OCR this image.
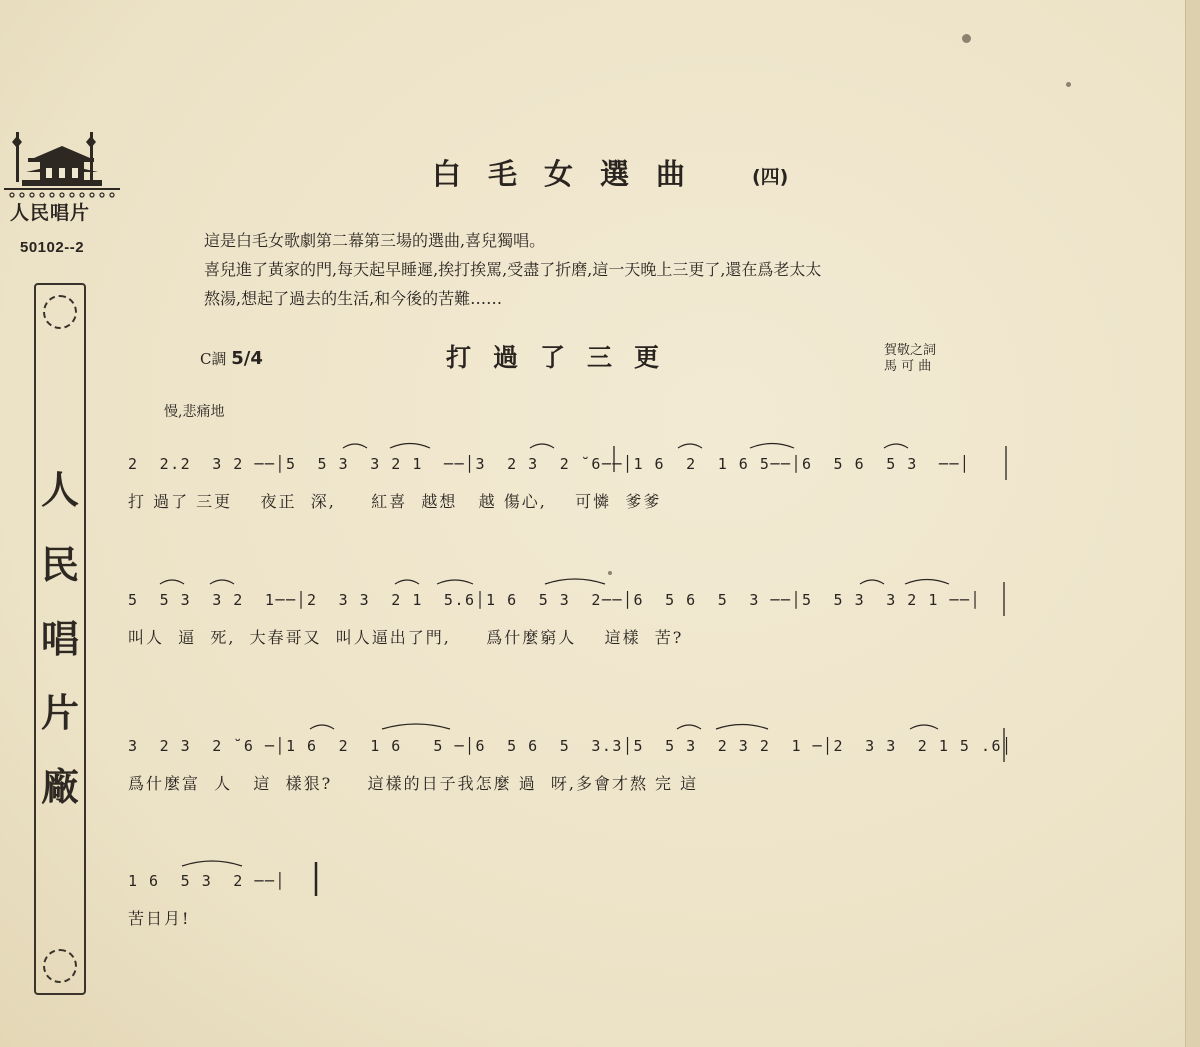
人民唱片
50102--2
人
民
唱
片
廠
白毛女選曲 (四)
這是白毛女歌劇第二幕第三場的選曲,喜兒獨唱。
喜兒進了黃家的門,每天起早睡遲,挨打挨罵,受盡了折磨,這一天晚上三更了,還在爲老太太
熬湯,想起了過去的生活,和今後的苦難……
C調 5/4	打過了三更	賀敬之詞
馬 可 曲
慢,悲痛地
2  2.2  3 2 ──│5  5 3  3 2 1  ──│3  2 3  2 ˘6──│1 6  2  1 6 5──│6  5 6  5 3  ──│
打 過了 三更    夜正  深,     紅喜  越想   越 傷心,    可憐  爹爹
5  5 3  3 2  1──│2  3 3  2 1  5.6│1 6  5 3  2──│6  5 6  5  3 ──│5  5 3  3 2 1 ──│
叫人  逼  死,  大春哥又  叫人逼出了門,     爲什麼窮人    這樣  苦?
3  2 3  2 ˘6 ─│1 6  2  1 6   5 ─│6  5 6  5  3.3│5  5 3  2 3 2  1 ─│2  3 3  2 1 5 .6│
爲什麼富  人   這  樣狠?     這樣的日子我怎麼 過  呀,多會才熬 完 這
1 6  5 3  2 ──│
苦日月!
